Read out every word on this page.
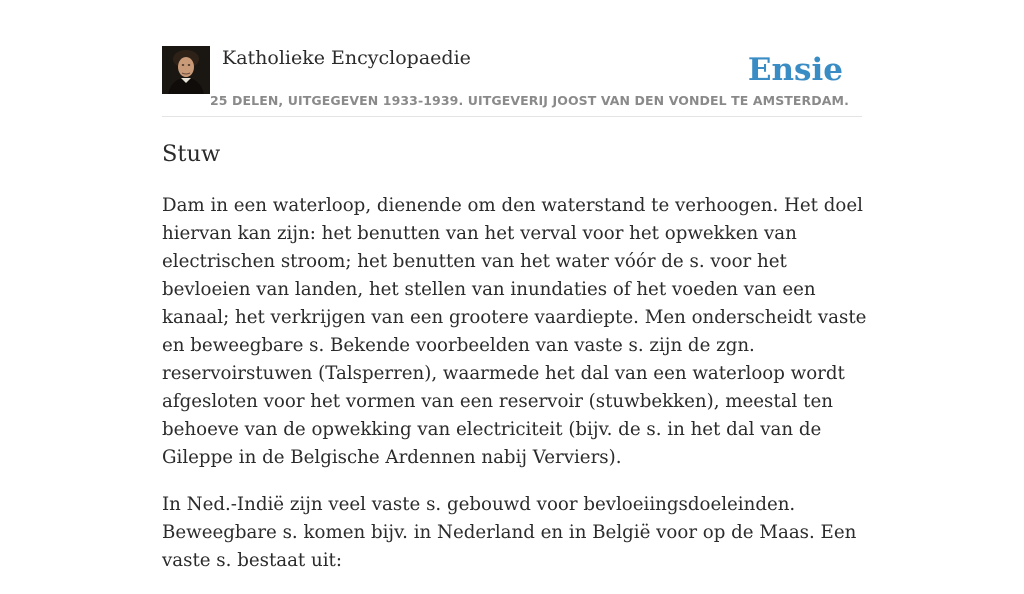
Katholieke Encyclopaedie
25 DELEN, UITGEGEVEN 1933-1939. UITGEVERIJ JOOST VAN DEN VONDEL TE AMSTERDAM.
Ensie
Stuw

Dam in een waterloop, dienende om den waterstand te verhoogen. Het doel hiervan kan zijn: het benutten van het verval voor het opwekken van electrischen stroom; het benutten van het water vóór de s. voor het bevloeien van landen, het stellen van inundaties of het voeden van een kanaal; het verkrijgen van een grootere vaardiepte. Men onderscheidt vaste en beweegbare s. Bekende voorbeelden van vaste s. zijn de zgn. reservoirstuwen (Talsperren), waarmede het dal van een waterloop wordt afgesloten voor het vormen van een reservoir (stuwbekken), meestal ten behoeve van de opwekking van electriciteit (bijv. de s. in het dal van de Gileppe in de Belgische Ardennen nabij Verviers).

In Ned.-Indië zijn veel vaste s. gebouwd voor bevloeiingsdoeleinden. Beweegbare s. komen bijv. in Nederland en in België voor op de Maas. Een vaste s. bestaat uit:
